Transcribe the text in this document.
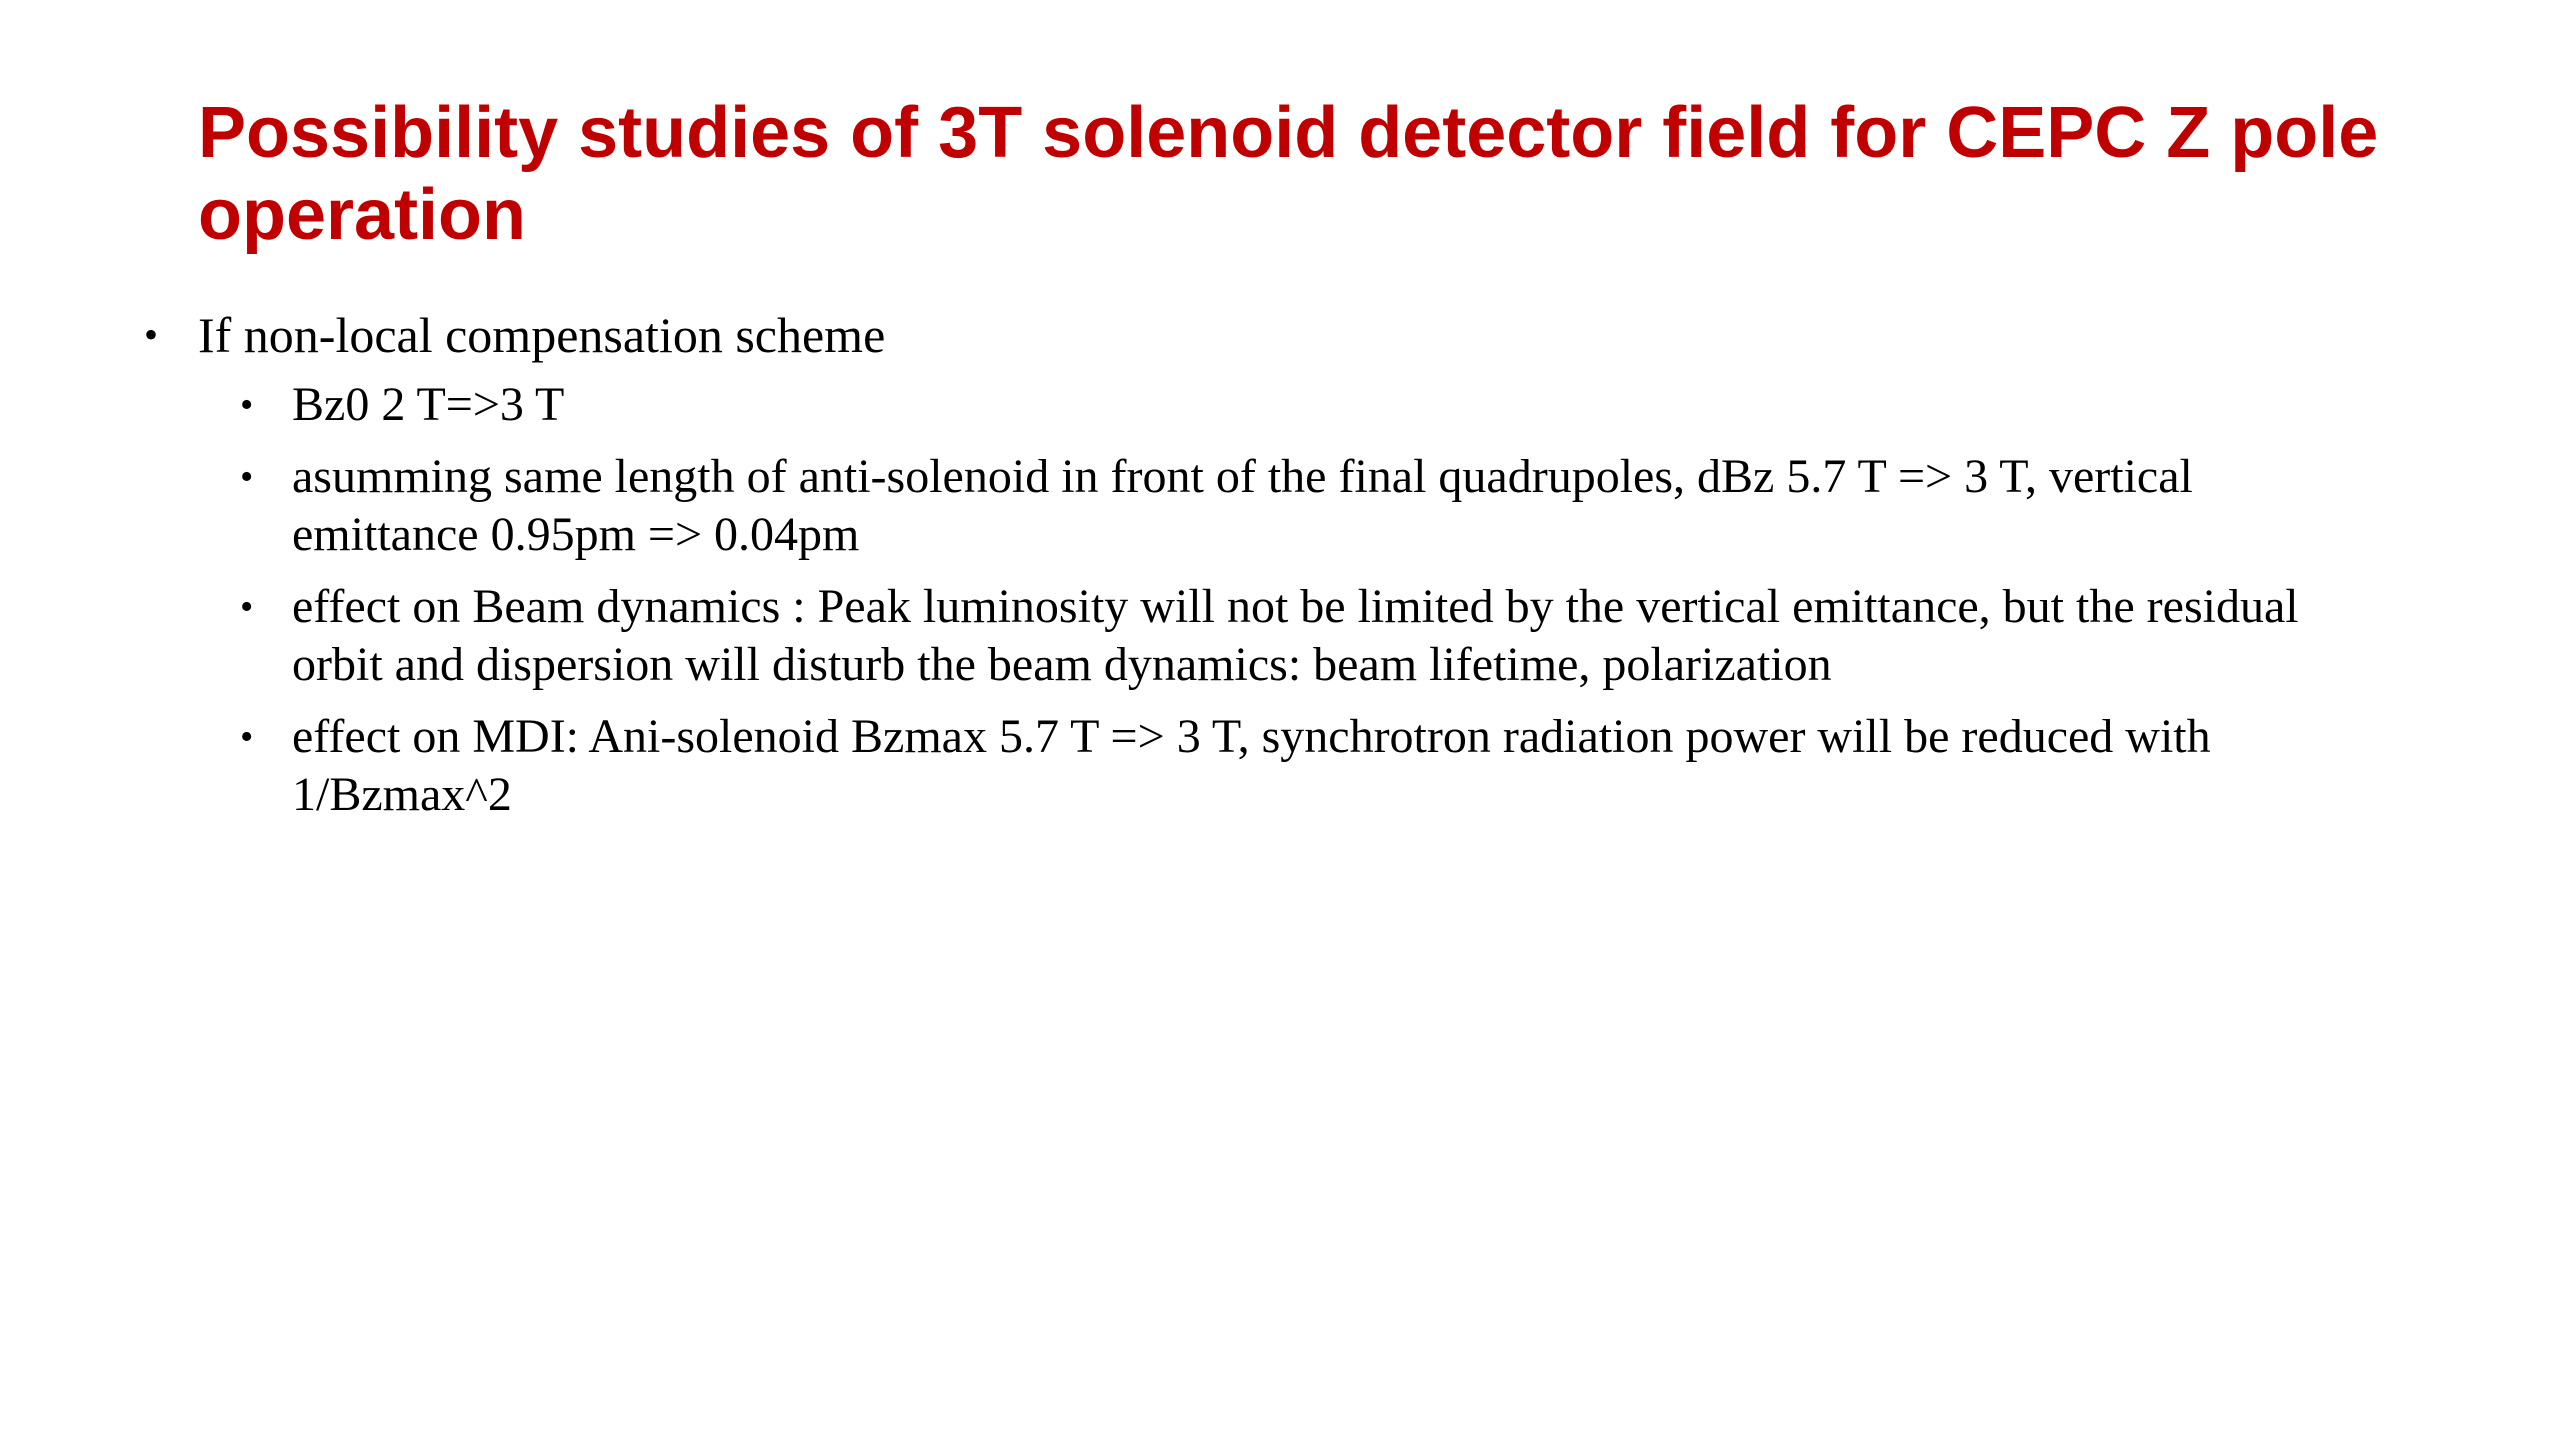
Possibility studies of 3T solenoid detector field for CEPC Z pole operation
• If non-local compensation scheme
• Bz0 2 T=>3 T
• asumming same length of anti-solenoid in front of the final quadrupoles, dBz 5.7 T => 3 T, vertical emittance 0.95pm => 0.04pm
• effect on Beam dynamics : Peak luminosity will not be limited by the vertical emittance, but the residual orbit and dispersion will disturb the beam dynamics: beam lifetime, polarization
• effect on MDI: Ani-solenoid Bzmax 5.7 T => 3 T, synchrotron radiation power will be reduced with 1/Bzmax^2
